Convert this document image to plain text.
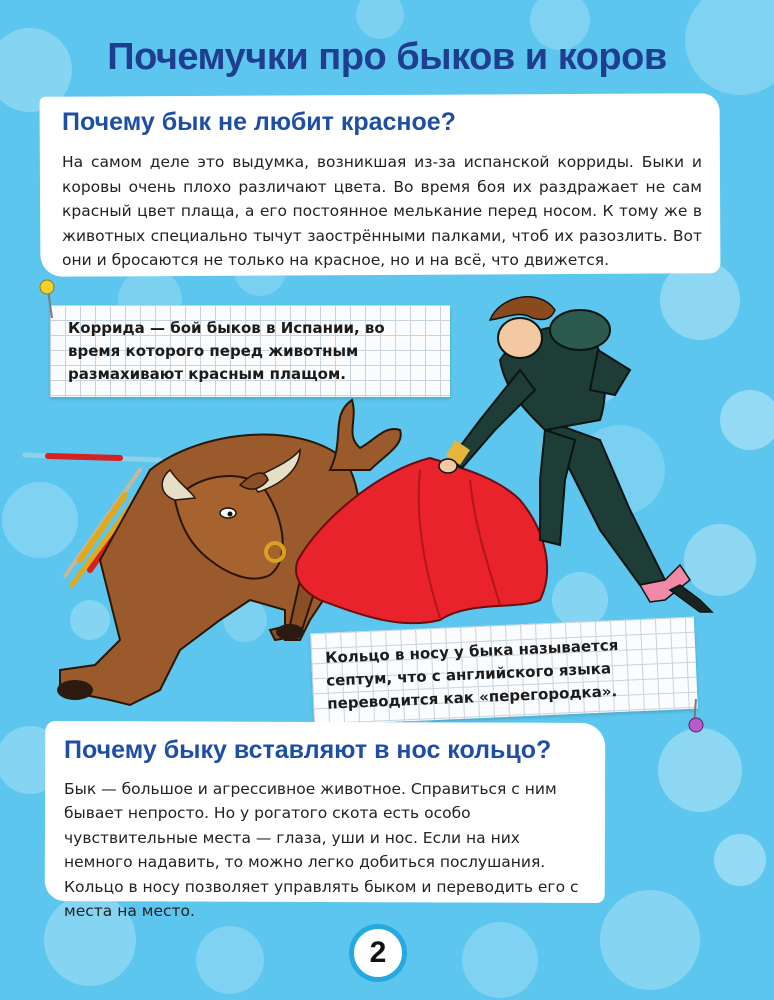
Почемучки про быков и коров
Почему бык не любит красное?

На самом деле это выдумка, возникшая из-за испанской корриды. Быки и коровы очень плохо различают цвета. Во время боя их раздражает не сам красный цвет плаща, а его постоянное мелькание перед носом. К тому же в животных специально тычут заострёнными палками, чтоб их разозлить. Вот они и бросаются не только на красное, но и на всё, что движется.

Коррида — бой быков в Испании, во время которого перед животным размахивают красным плащом.

Кольцо в носу у быка называется септум, что с английского языка переводится как «перегородка».

Почему быку вставляют в нос кольцо?

Бык — большое и агрессивное животное. Справиться с ним бывает непросто. Но у рогатого скота есть особо чувствительные места — глаза, уши и нос. Если на них немного надавить, то можно легко добиться послушания. Кольцо в носу позволяет управлять быком и переводить его с места на место.

2
